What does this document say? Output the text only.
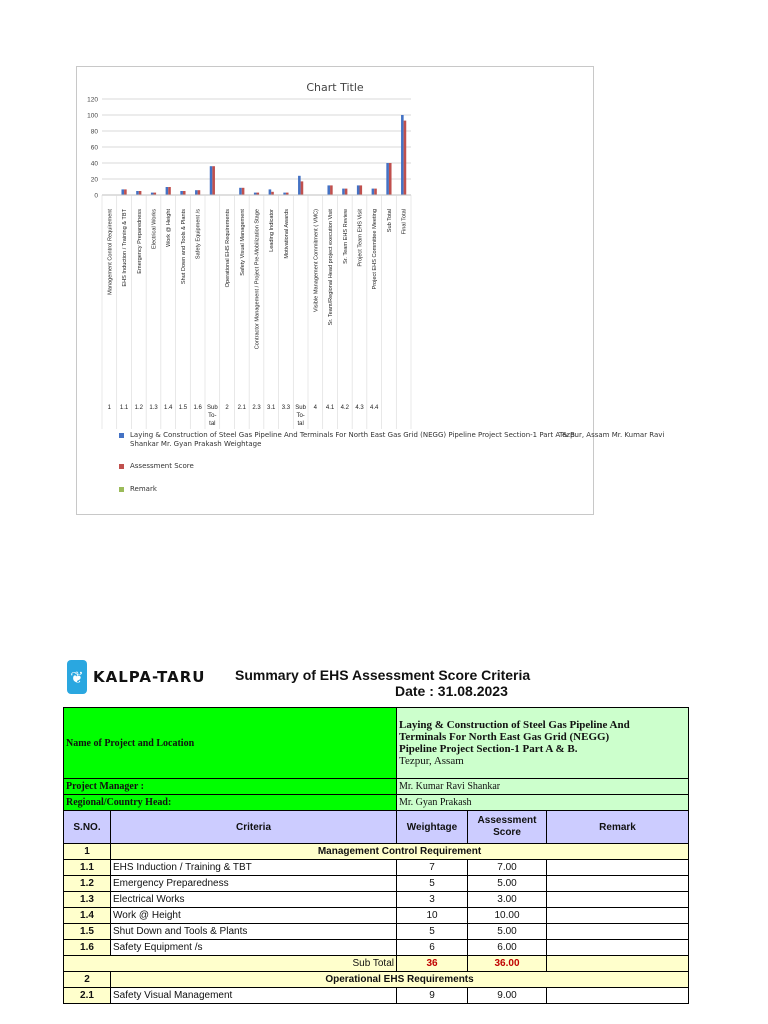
Chart Title
120
100
80
60
40
20
0
Management Control Requirement
1
EHS Induction / Training & TBT
1.1
Emergency Preparedness
1.2
Electrical Works
1.3
Work @ Height
1.4
Shut Down and Tools & Plants
1.5
Safety Equipment /s
1.6 Sub
To-
tal
Operational EHS Requirements
2
Safety Visual Management
2.1
Contractor Management / Project Pre-Mobilization Stage
2.3
Leading Indicator
3.1
Motivational Awards
3.3 Sub
To-
tal
Visible Management Commitment ( VMC)
4
Sr. Team/Regional Head project execution Visit
4.1
Sr. Team EHS Review
4.2
Project Team EHS Visit
4.3
Project EHS Committee Meeting
4.4
Sub Total Final Total
Laying & Construction of Steel Gas Pipeline And Terminals For North East Gas Grid (NEGG) Pipeline Project Section-1 Part A & B.
Tezpur, Assam Mr. Kumar Ravi
Shankar Mr. Gyan Prakash Weightage
Assessment Score
Remark
❦ KALPA-TARU Summary of EHS Assessment Score Criteria
Date : 31.08.2023
Name of Project and Location		Laying & Construction of Steel Gas Pipeline And
Terminals For North East Gas Grid (NEGG)
Pipeline Project Section-1 Part A & B.
Tezpur, Assam		

Project Manager :		Mr. Kumar Ravi Shankar		
Regional/Country Head:		Mr. Gyan Prakash		
S.NO.	Criteria	Weightage	Assessment
Score	Remark
1	Management Control Requirement			
1.1	EHS Induction / Training & TBT	7	7.00	
1.2	Emergency Preparedness	5	5.00	
1.3	Electrical Works	3	3.00	
1.4	Work @ Height	10	10.00	
1.5	Shut Down and Tools & Plants	5	5.00	
1.6	Safety Equipment /s	6	6.00	
Sub Total		36	36.00	
2	Operational EHS Requirements			
2.1	Safety Visual Management	9	9.00	
